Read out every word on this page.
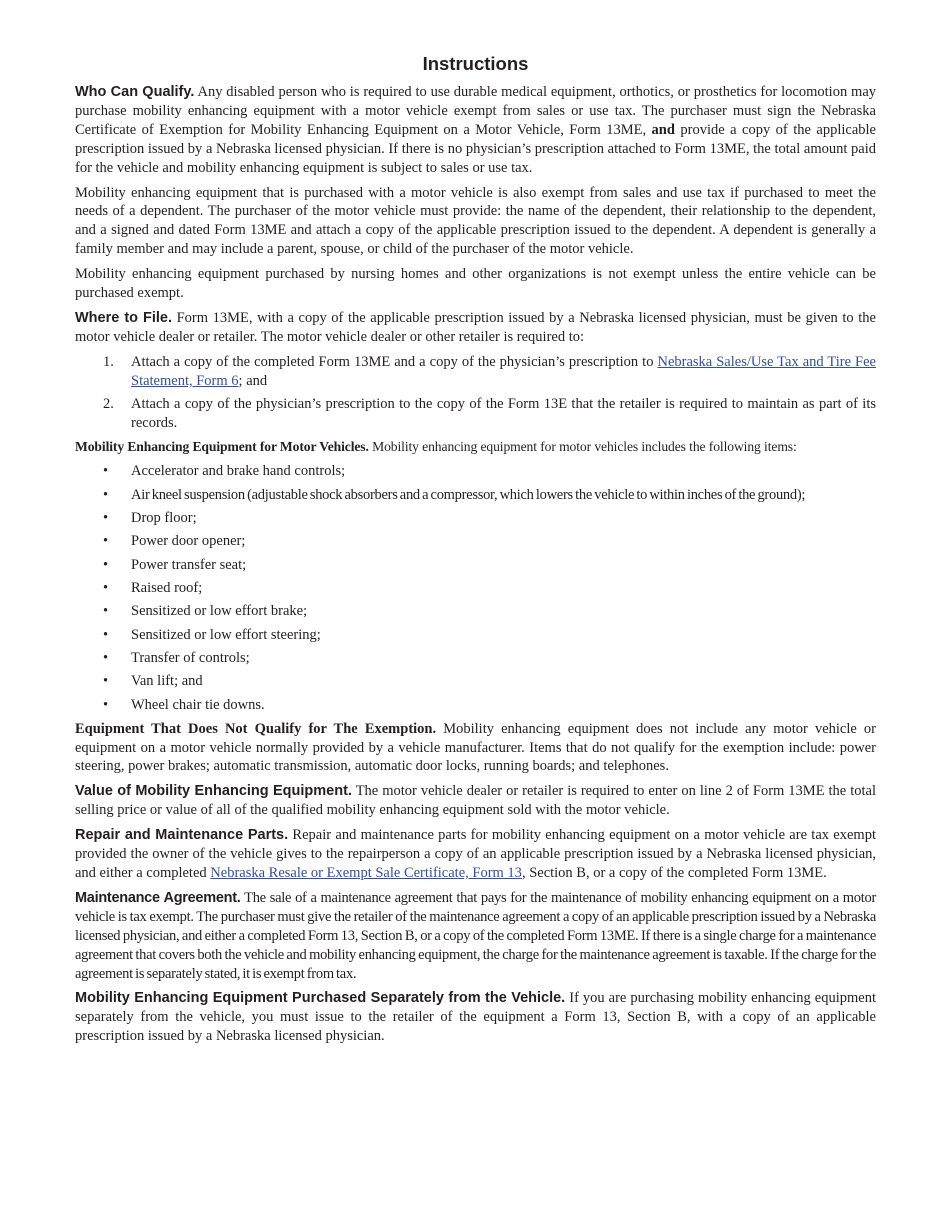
Instructions

Who Can Qualify. Any disabled person who is required to use durable medical equipment, orthotics, or prosthetics for locomotion may purchase mobility enhancing equipment with a motor vehicle exempt from sales or use tax. The purchaser must sign the Nebraska Certificate of Exemption for Mobility Enhancing Equipment on a Motor Vehicle, Form 13ME, and provide a copy of the applicable prescription issued by a Nebraska licensed physician. If there is no physician’s prescription attached to Form 13ME, the total amount paid for the vehicle and mobility enhancing equipment is subject to sales or use tax.

Mobility enhancing equipment that is purchased with a motor vehicle is also exempt from sales and use tax if purchased to meet the needs of a dependent. The purchaser of the motor vehicle must provide: the name of the dependent, their relationship to the dependent, and a signed and dated Form 13ME and attach a copy of the applicable prescription issued to the dependent. A dependent is generally a family member and may include a parent, spouse, or child of the purchaser of the motor vehicle.

Mobility enhancing equipment purchased by nursing homes and other organizations is not exempt unless the entire vehicle can be purchased exempt.

Where to File. Form 13ME, with a copy of the applicable prescription issued by a Nebraska licensed physician, must be given to the motor vehicle dealer or retailer. The motor vehicle dealer or other retailer is required to:

1. Attach a copy of the completed Form 13ME and a copy of the physician’s prescription to Nebraska Sales/Use Tax and Tire Fee Statement, Form 6; and
2. Attach a copy of the physician’s prescription to the copy of the Form 13E that the retailer is required to maintain as part of its records.

Mobility Enhancing Equipment for Motor Vehicles. Mobility enhancing equipment for motor vehicles includes the following items:

• Accelerator and brake hand controls;
• Air kneel suspension (adjustable shock absorbers and a compressor, which lowers the vehicle to within inches of the ground);
• Drop floor;
• Power door opener;
• Power transfer seat;
• Raised roof;
• Sensitized or low effort brake;
• Sensitized or low effort steering;
• Transfer of controls;
• Van lift; and
• Wheel chair tie downs.

Equipment That Does Not Qualify for The Exemption. Mobility enhancing equipment does not include any motor vehicle or equipment on a motor vehicle normally provided by a vehicle manufacturer. Items that do not qualify for the exemption include: power steering, power brakes; automatic transmission, automatic door locks, running boards; and telephones.

Value of Mobility Enhancing Equipment. The motor vehicle dealer or retailer is required to enter on line 2 of Form 13ME the total selling price or value of all of the qualified mobility enhancing equipment sold with the motor vehicle.

Repair and Maintenance Parts. Repair and maintenance parts for mobility enhancing equipment on a motor vehicle are tax exempt provided the owner of the vehicle gives to the repairperson a copy of an applicable prescription issued by a Nebraska licensed physician, and either a completed Nebraska Resale or Exempt Sale Certificate, Form 13, Section B, or a copy of the completed Form 13ME.

Maintenance Agreement. The sale of a maintenance agreement that pays for the maintenance of mobility enhancing equipment on a motor vehicle is tax exempt. The purchaser must give the retailer of the maintenance agreement a copy of an applicable prescription issued by a Nebraska licensed physician, and either a completed Form 13, Section B, or a copy of the completed Form 13ME. If there is a single charge for a maintenance agreement that covers both the vehicle and mobility enhancing equipment, the charge for the maintenance agreement is taxable. If the charge for the agreement is separately stated, it is exempt from tax.

Mobility Enhancing Equipment Purchased Separately from the Vehicle. If you are purchasing mobility enhancing equipment separately from the vehicle, you must issue to the retailer of the equipment a Form 13, Section B, with a copy of an applicable prescription issued by a Nebraska licensed physician.
